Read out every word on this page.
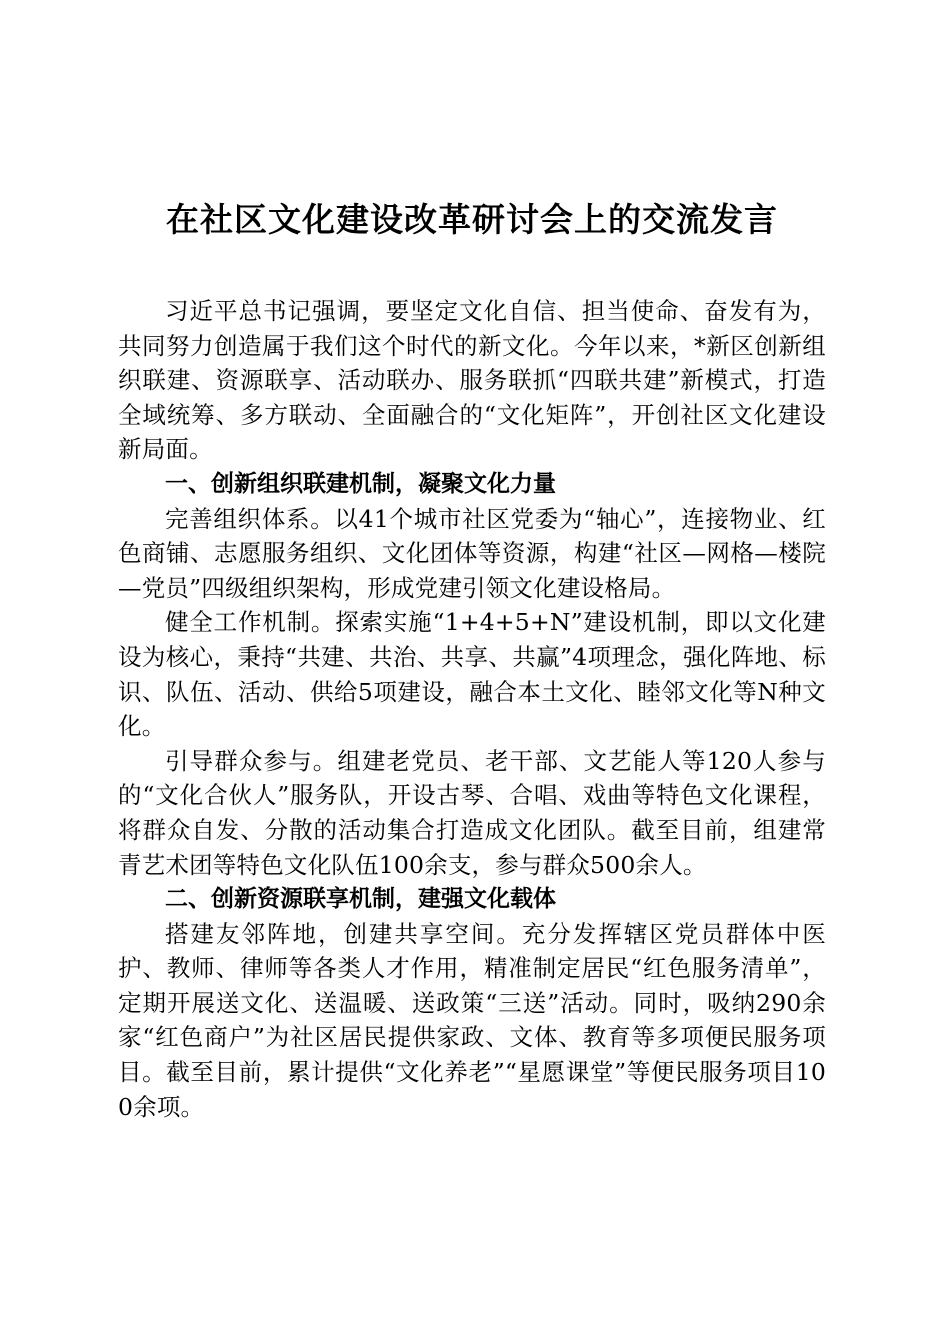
在社区文化建设改革研讨会上的交流发言

习近平总书记强调，要坚定文化自信、担当使命、奋发有为，共同努力创造属于我们这个时代的新文化。今年以来，*新区创新组织联建、资源联享、活动联办、服务联抓“四联共建”新模式，打造全域统筹、多方联动、全面融合的“文化矩阵”，开创社区文化建设新局面。

一、创新组织联建机制，凝聚文化力量

完善组织体系。以41个城市社区党委为“轴心”，连接物业、红色商铺、志愿服务组织、文化团体等资源，构建“社区—网格—楼院—党员”四级组织架构，形成党建引领文化建设格局。

健全工作机制。探索实施“1+4+5+N”建设机制，即以文化建设为核心，秉持“共建、共治、共享、共赢”4项理念，强化阵地、标识、队伍、活动、供给5项建设，融合本土文化、睦邻文化等N种文化。

引导群众参与。组建老党员、老干部、文艺能人等120人参与的“文化合伙人”服务队，开设古琴、合唱、戏曲等特色文化课程，将群众自发、分散的活动集合打造成文化团队。截至目前，组建常青艺术团等特色文化队伍100余支，参与群众500余人。

二、创新资源联享机制，建强文化载体

搭建友邻阵地，创建共享空间。充分发挥辖区党员群体中医护、教师、律师等各类人才作用，精准制定居民“红色服务清单”，定期开展送文化、送温暖、送政策“三送”活动。同时，吸纳290余家“红色商户”为社区居民提供家政、文体、教育等多项便民服务项目。截至目前，累计提供“文化养老”“星愿课堂”等便民服务项目100余项。
